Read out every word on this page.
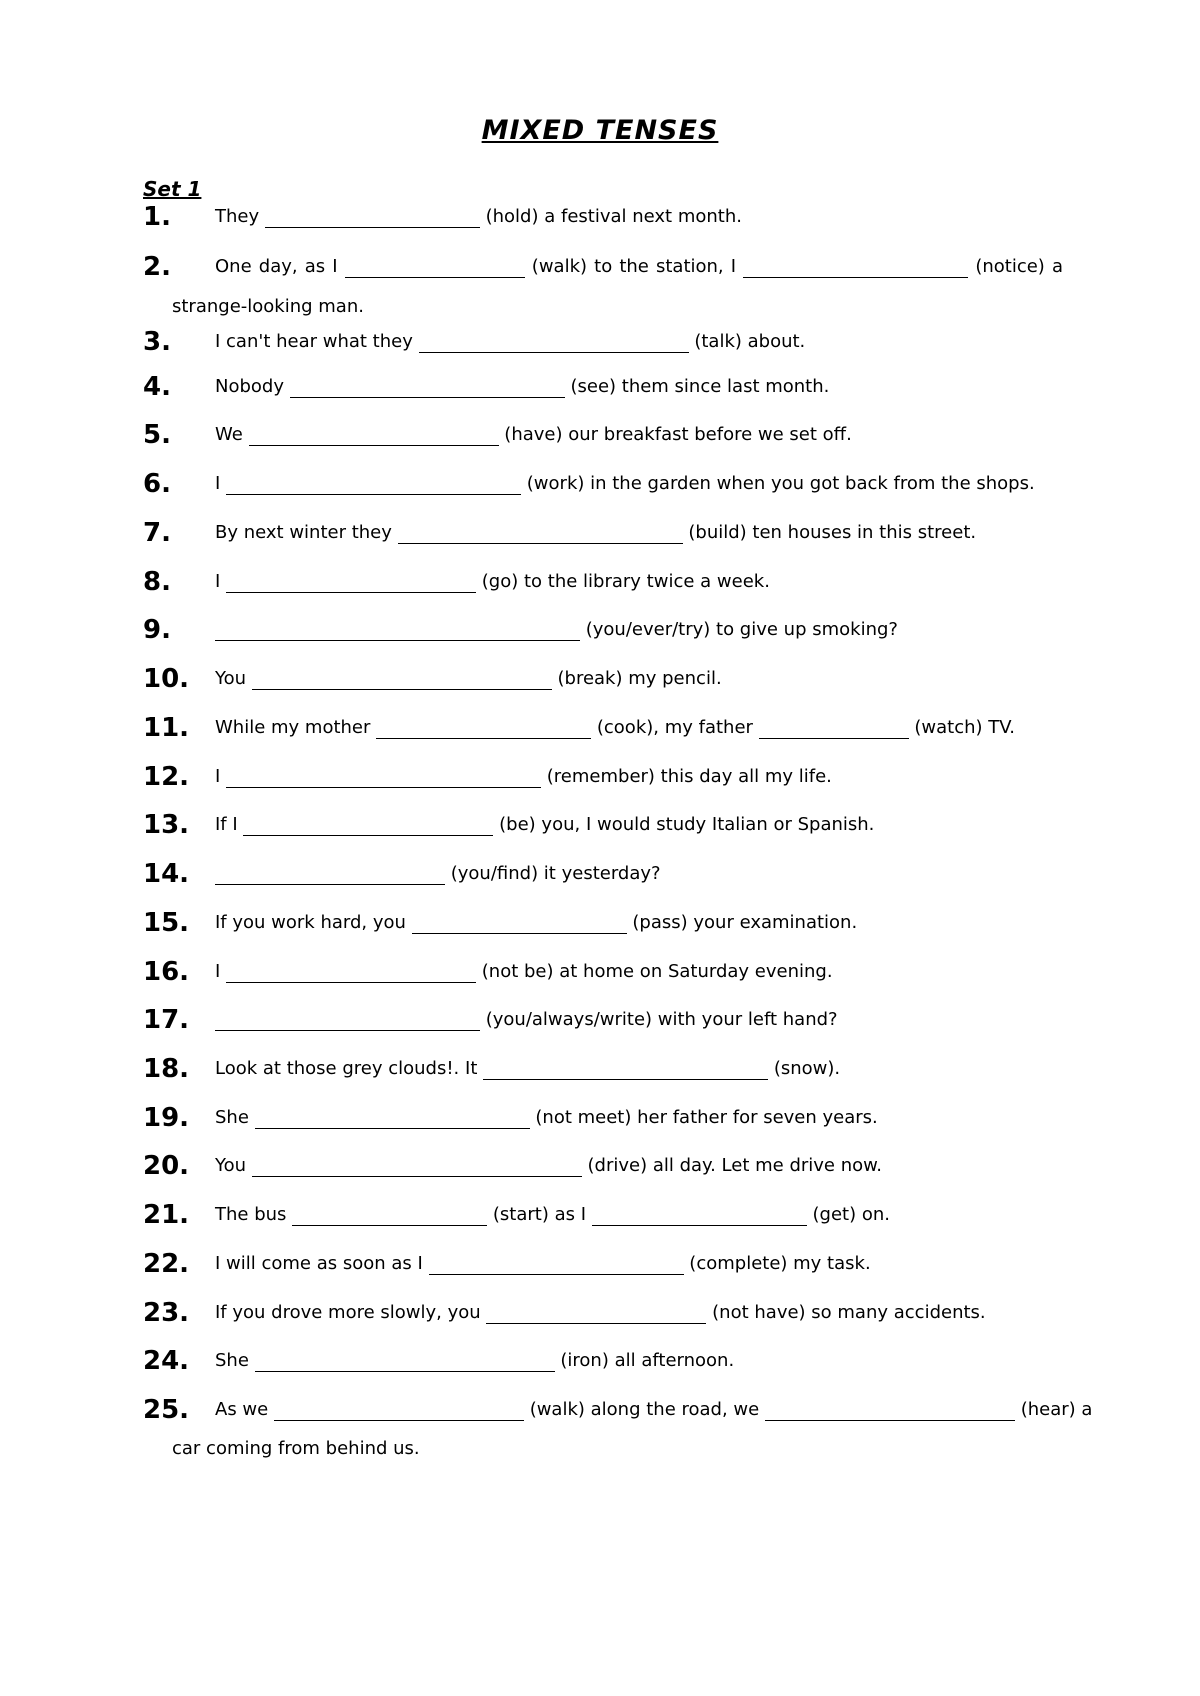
MIXED TENSES
Set 1
1. They	(hold) a festival next month.
2. One day, as I	(walk) to the station, I	(notice) a
strange-looking man.
3. I can't hear what they	(talk) about.
4. Nobody	(see) them since last month.
5. We	(have) our breakfast before we set off.
6. I	(work) in the garden when you got back from the shops.
7. By next winter they	(build) ten houses in this street.
8. I	(go) to the library twice a week.
9.	(you/ever/try) to give up smoking?
10. You	(break) my pencil.
11. While my mother	(cook), my father	(watch) TV.
12. I	(remember) this day all my life.
13. If I	(be) you, I would study Italian or Spanish.
14.	(you/find) it yesterday?
15. If you work hard, you	(pass) your examination.
16. I	(not be) at home on Saturday evening.
17.	(you/always/write) with your left hand?
18. Look at those grey clouds!. It	(snow).
19. She	(not meet) her father for seven years.
20. You	(drive) all day. Let me drive now.
21. The bus	(start) as I	(get) on.
22. I will come as soon as I	(complete) my task.
23. If you drove more slowly, you	(not have) so many accidents.
24. She	(iron) all afternoon.
25. As we	(walk) along the road, we	(hear) a
car coming from behind us.
